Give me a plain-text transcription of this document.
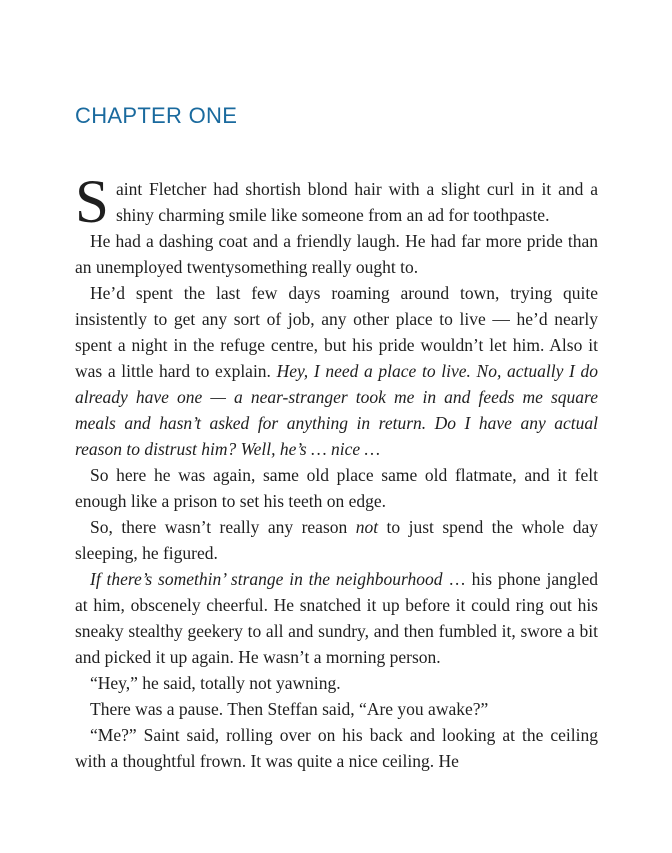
CHAPTER ONE

Saint Fletcher had shortish blond hair with a slight curl in it and a shiny charming smile like someone from an ad for toothpaste.

He had a dashing coat and a friendly laugh. He had far more pride than an unemployed twentysomething really ought to.

He’d spent the last few days roaming around town, trying quite insistently to get any sort of job, any other place to live — he’d nearly spent a night in the refuge centre, but his pride wouldn’t let him. Also it was a little hard to explain. Hey, I need a place to live. No, actually I do already have one — a near-stranger took me in and feeds me square meals and hasn’t asked for anything in return. Do I have any actual reason to distrust him? Well, he’s … nice …

So here he was again, same old place same old flatmate, and it felt enough like a prison to set his teeth on edge.

So, there wasn’t really any reason not to just spend the whole day sleeping, he figured.

If there’s somethin’ strange in the neighbourhood … his phone jangled at him, obscenely cheerful. He snatched it up before it could ring out his sneaky stealthy geekery to all and sundry, and then fumbled it, swore a bit and picked it up again. He wasn’t a morning person.

“Hey,” he said, totally not yawning.

There was a pause. Then Steffan said, “Are you awake?”

“Me?” Saint said, rolling over on his back and looking at the ceiling with a thoughtful frown. It was quite a nice ceiling. He
